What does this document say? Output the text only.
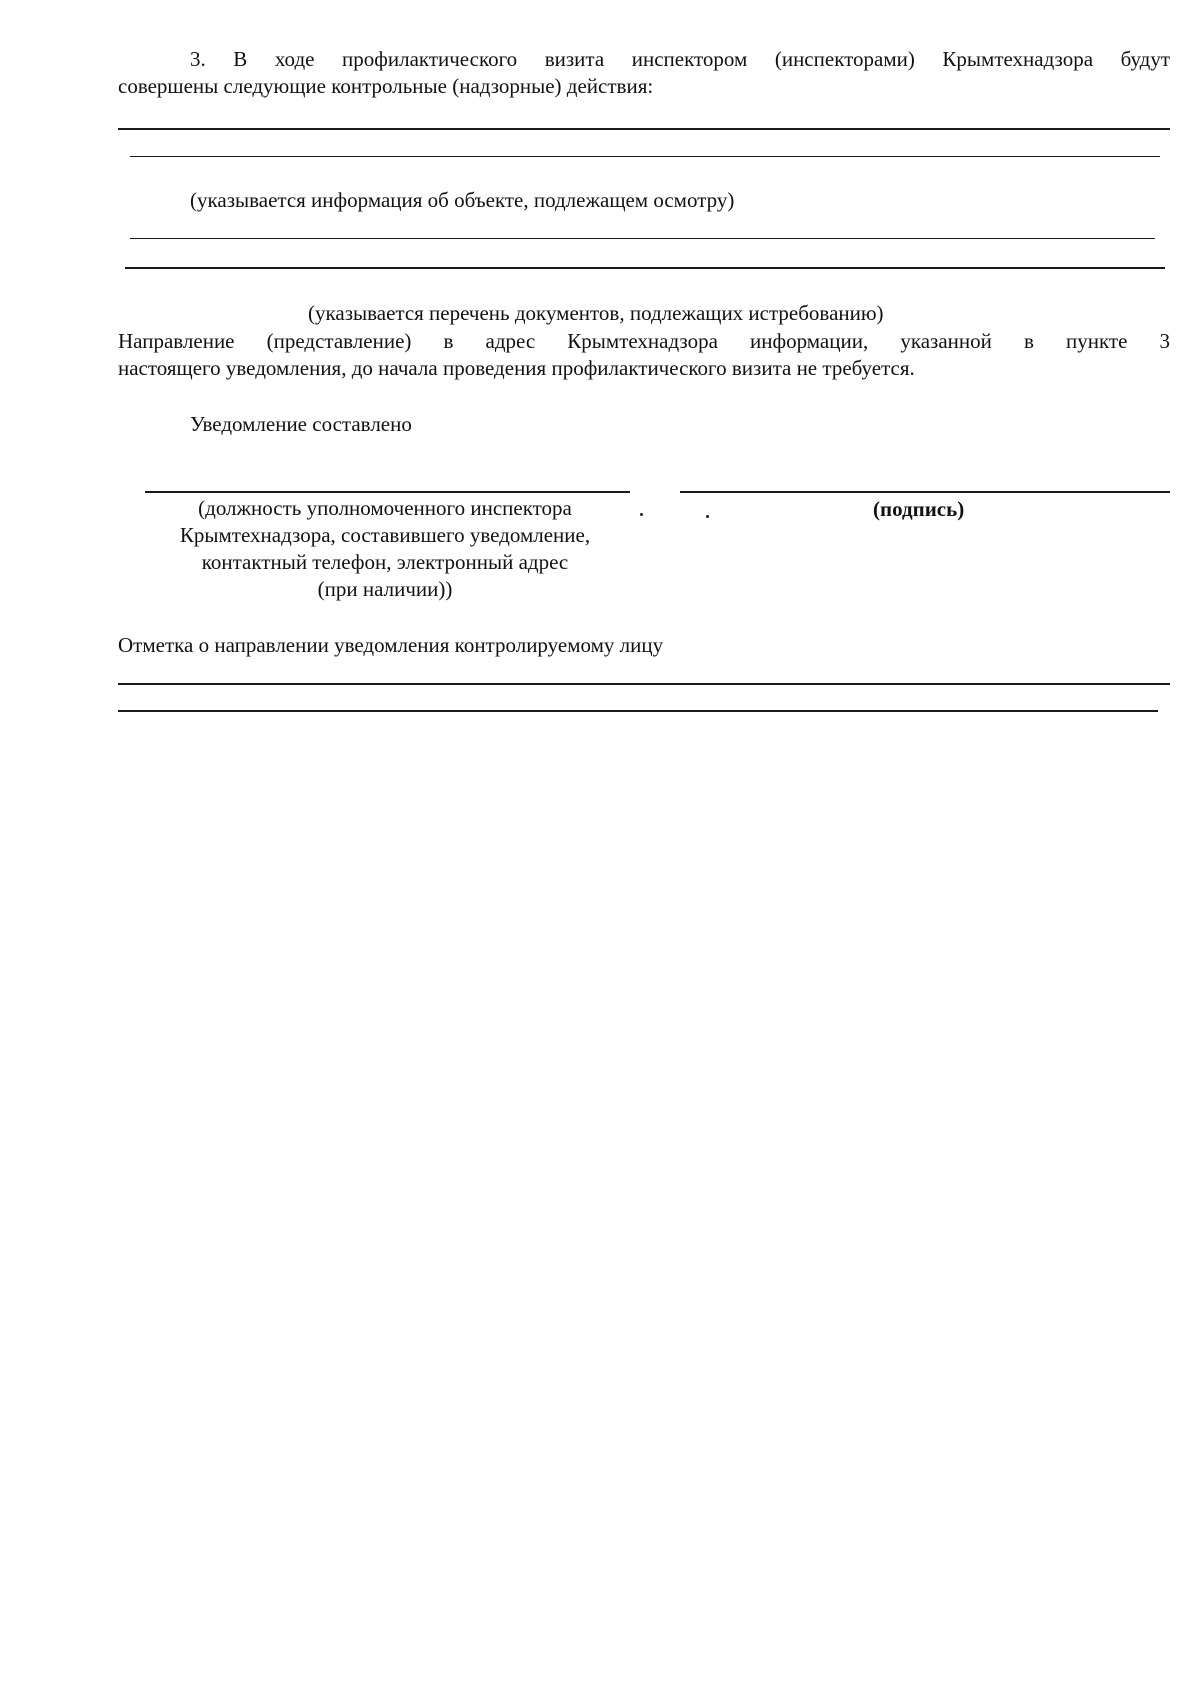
3. В ходе профилактического визита инспектором (инспекторами) Крымтехнадзора будут
совершены следующие контрольные (надзорные) действия:
(указывается информация об объекте, подлежащем осмотру)
(указывается перечень документов, подлежащих истребованию)
Направление (представление) в адрес Крымтехнадзора информации, указанной в пункте 3
настоящего уведомления, до начала проведения профилактического визита не требуется.
Уведомление составлено
(должность уполномоченного инспектора
Крымтехнадзора, составившего уведомление,
контактный телефон, электронный адрес
(при наличии))
(подпись)
Отметка о направлении уведомления контролируемому лицу
